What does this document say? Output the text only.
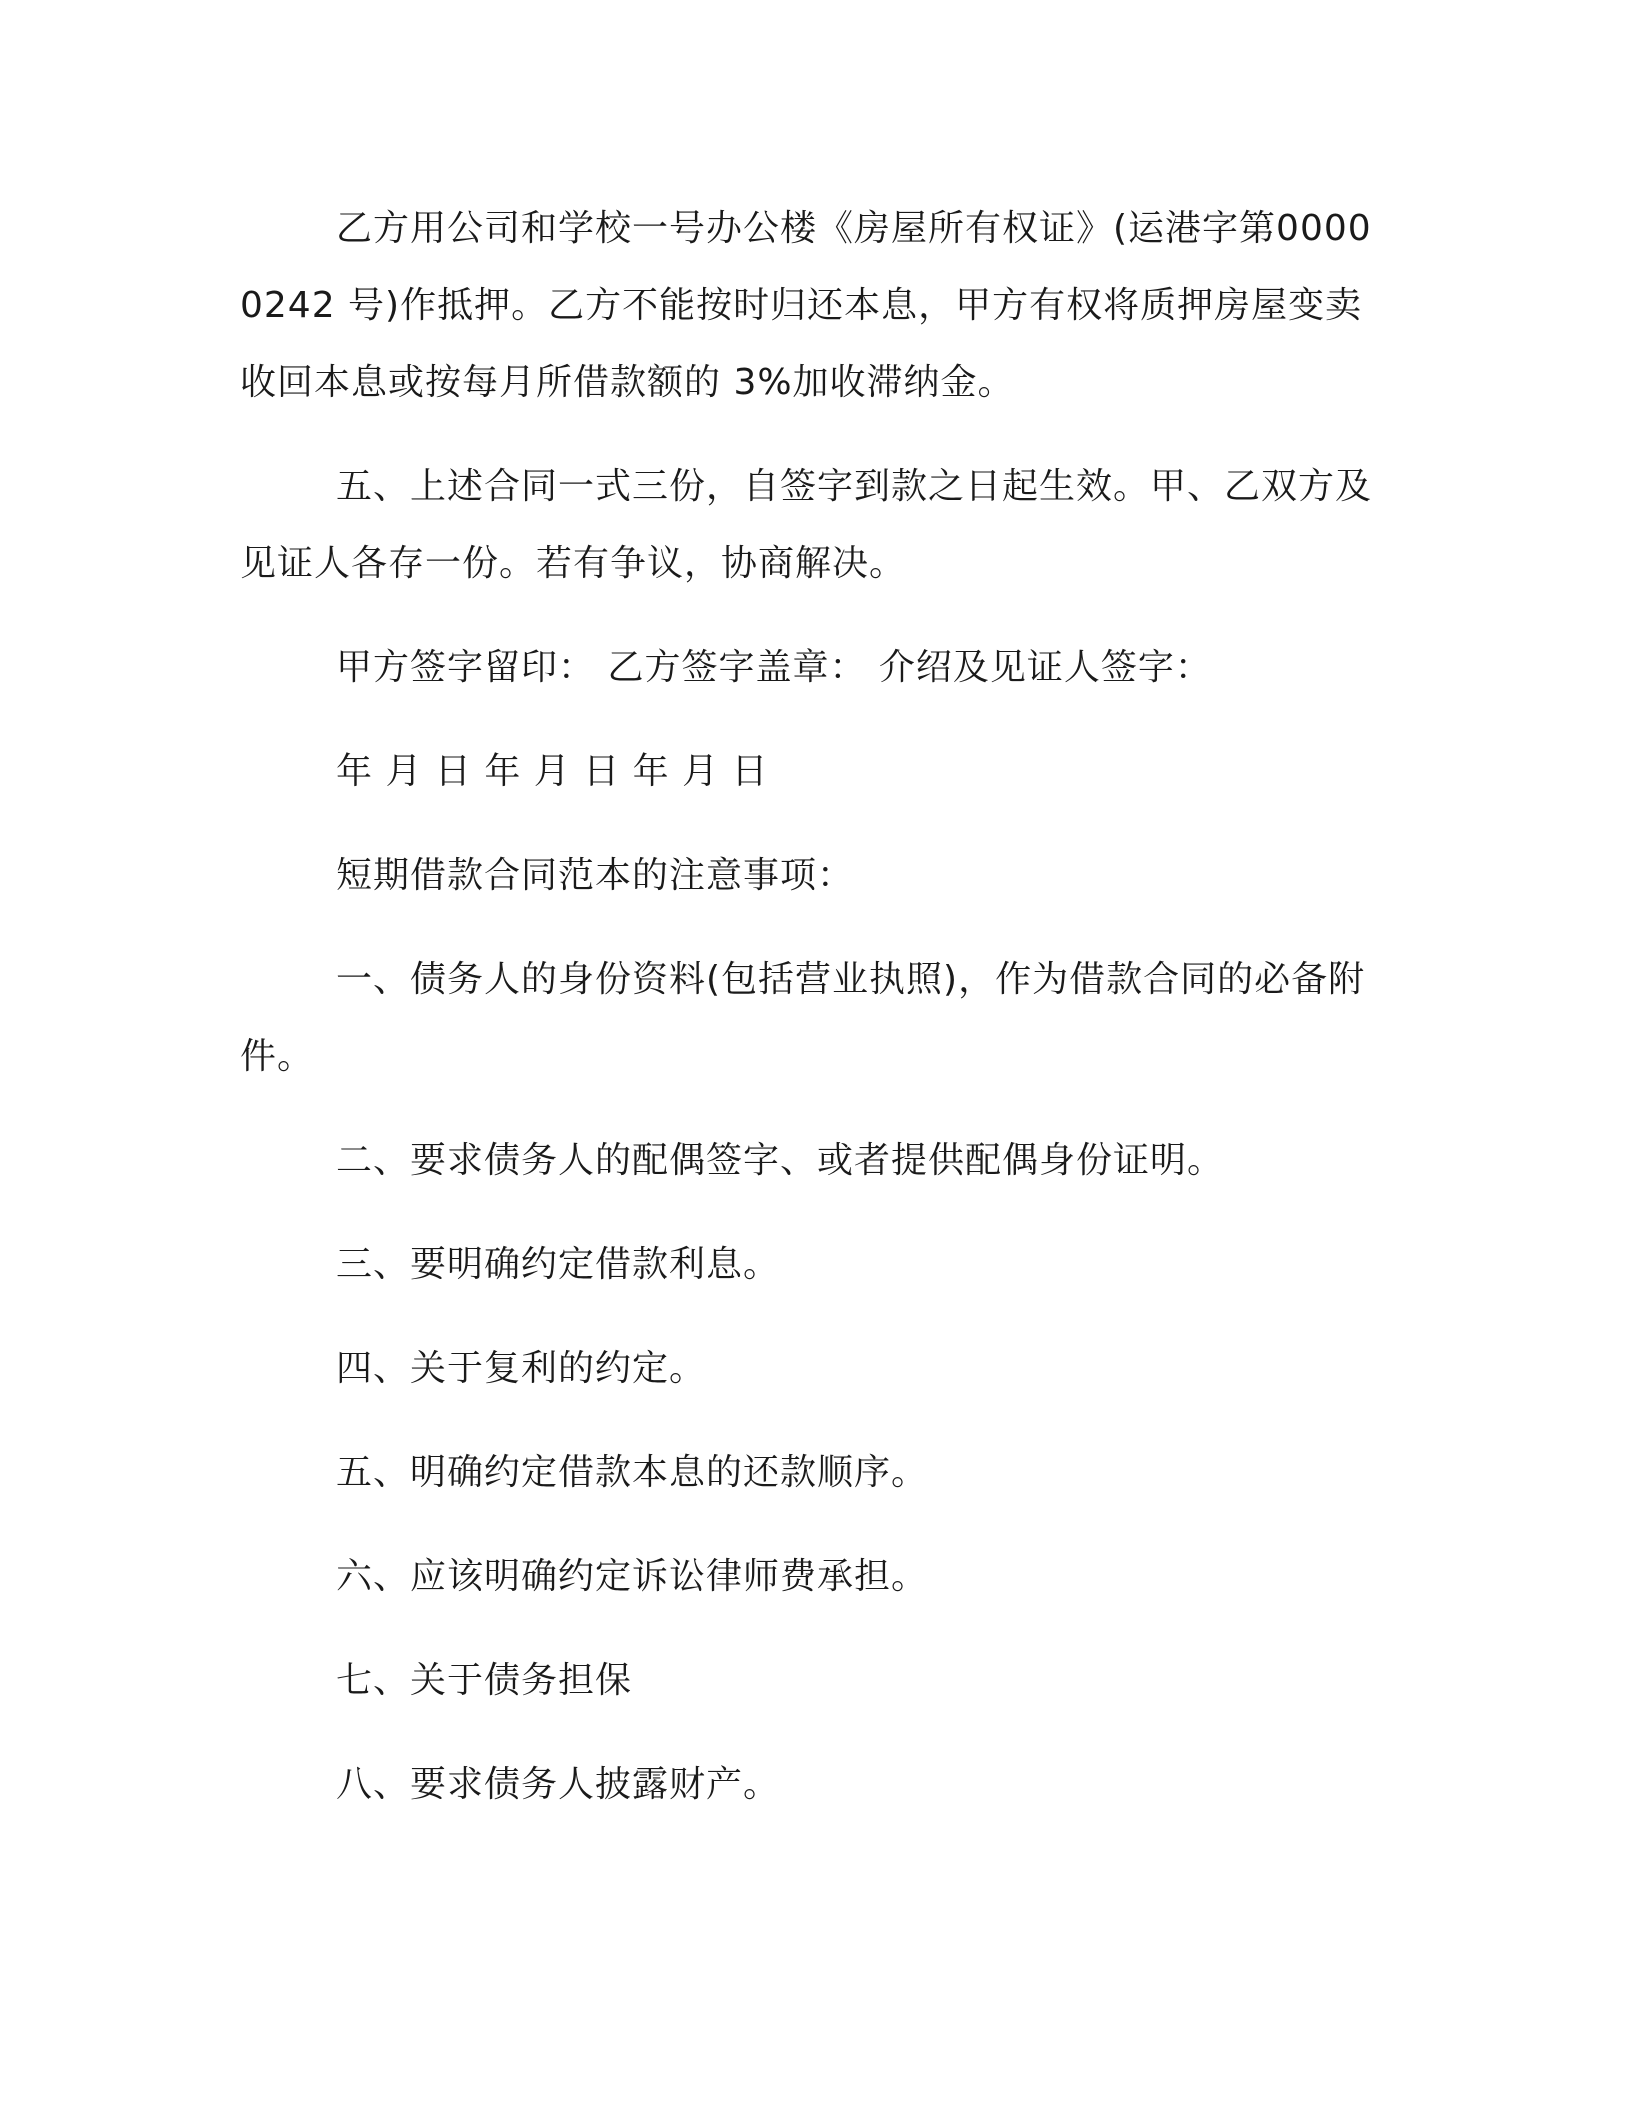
乙方用公司和学校一号办公楼《房屋所有权证》(运港字第00000242 号)作抵押。乙方不能按时归还本息，甲方有权将质押房屋变卖收回本息或按每月所借款额的 3%加收滞纳金。

五、上述合同一式三份，自签字到款之日起生效。甲、乙双方及见证人各存一份。若有争议，协商解决。

甲方签字留印： 乙方签字盖章： 介绍及见证人签字：

年 月 日 年 月 日 年 月 日

短期借款合同范本的注意事项：

一、债务人的身份资料(包括营业执照)，作为借款合同的必备附件。

二、要求债务人的配偶签字、或者提供配偶身份证明。

三、要明确约定借款利息。

四、关于复利的约定。

五、明确约定借款本息的还款顺序。

六、应该明确约定诉讼律师费承担。

七、关于债务担保

八、要求债务人披露财产。
